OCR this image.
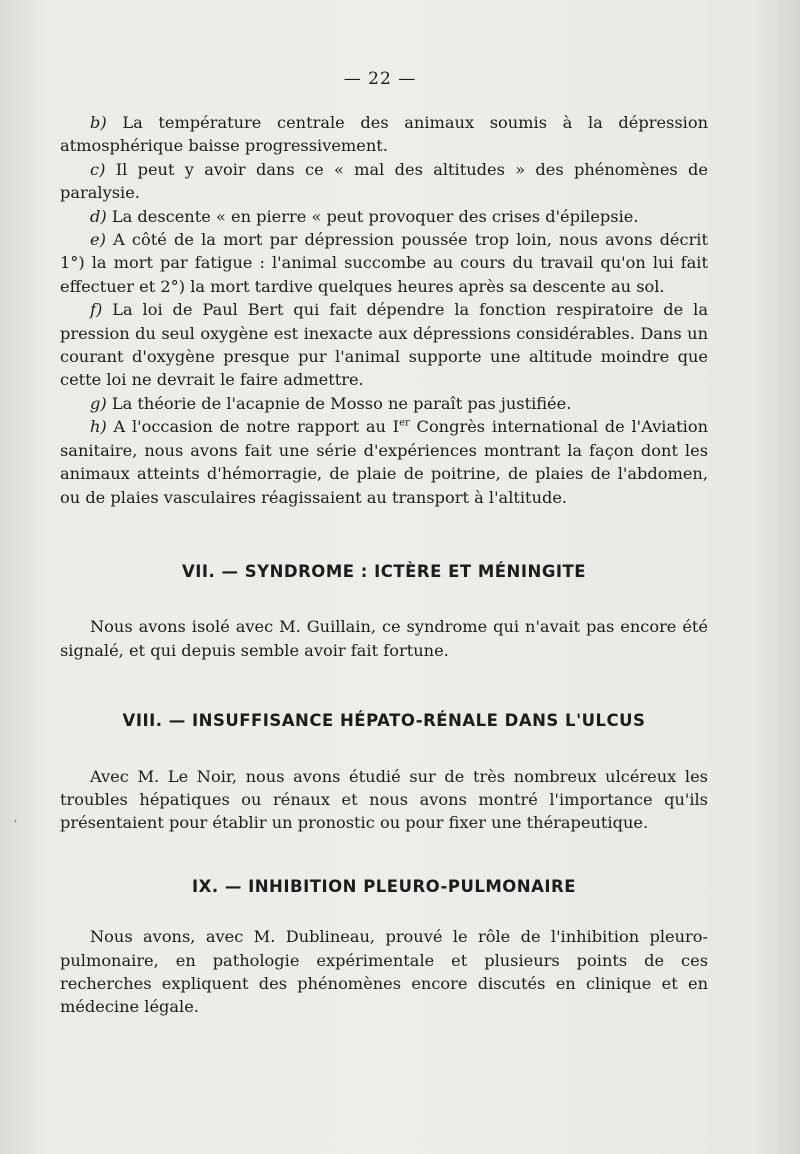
— 22 —

b) La température centrale des animaux soumis à la dépression atmosphérique baisse progressivement.

c) Il peut y avoir dans ce « mal des altitudes » des phénomènes de paralysie.

d) La descente « en pierre « peut provoquer des crises d'épilepsie.

e) A côté de la mort par dépression poussée trop loin, nous avons décrit 1°) la mort par fatigue : l'animal succombe au cours du travail qu'on lui fait effectuer et 2°) la mort tardive quelques heures après sa descente au sol.

f) La loi de Paul Bert qui fait dépendre la fonction respiratoire de la pression du seul oxygène est inexacte aux dépressions considérables. Dans un courant d'oxygène presque pur l'animal supporte une altitude moindre que cette loi ne devrait le faire admettre.

g) La théorie de l'acapnie de Mosso ne paraît pas justifiée.

h) A l'occasion de notre rapport au Ier Congrès international de l'Aviation sanitaire, nous avons fait une série d'expériences montrant la façon dont les animaux atteints d'hémorragie, de plaie de poitrine, de plaies de l'abdomen, ou de plaies vasculaires réagissaient au transport à l'altitude.

VII. — SYNDROME : ICTÈRE ET MÉNINGITE

Nous avons isolé avec M. Guillain, ce syndrome qui n'avait pas encore été signalé, et qui depuis semble avoir fait fortune.

VIII. — INSUFFISANCE HÉPATO-RÉNALE DANS L'ULCUS

Avec M. Le Noir, nous avons étudié sur de très nombreux ulcéreux les troubles hépatiques ou rénaux et nous avons montré l'importance qu'ils présentaient pour établir un pronostic ou pour fixer une thérapeutique.

IX. — INHIBITION PLEURO-PULMONAIRE

Nous avons, avec M. Dublineau, prouvé le rôle de l'inhibition pleuro-pulmonaire, en pathologie expérimentale et plusieurs points de ces recherches expliquent des phénomènes encore discutés en clinique et en médecine légale.

ˈ
